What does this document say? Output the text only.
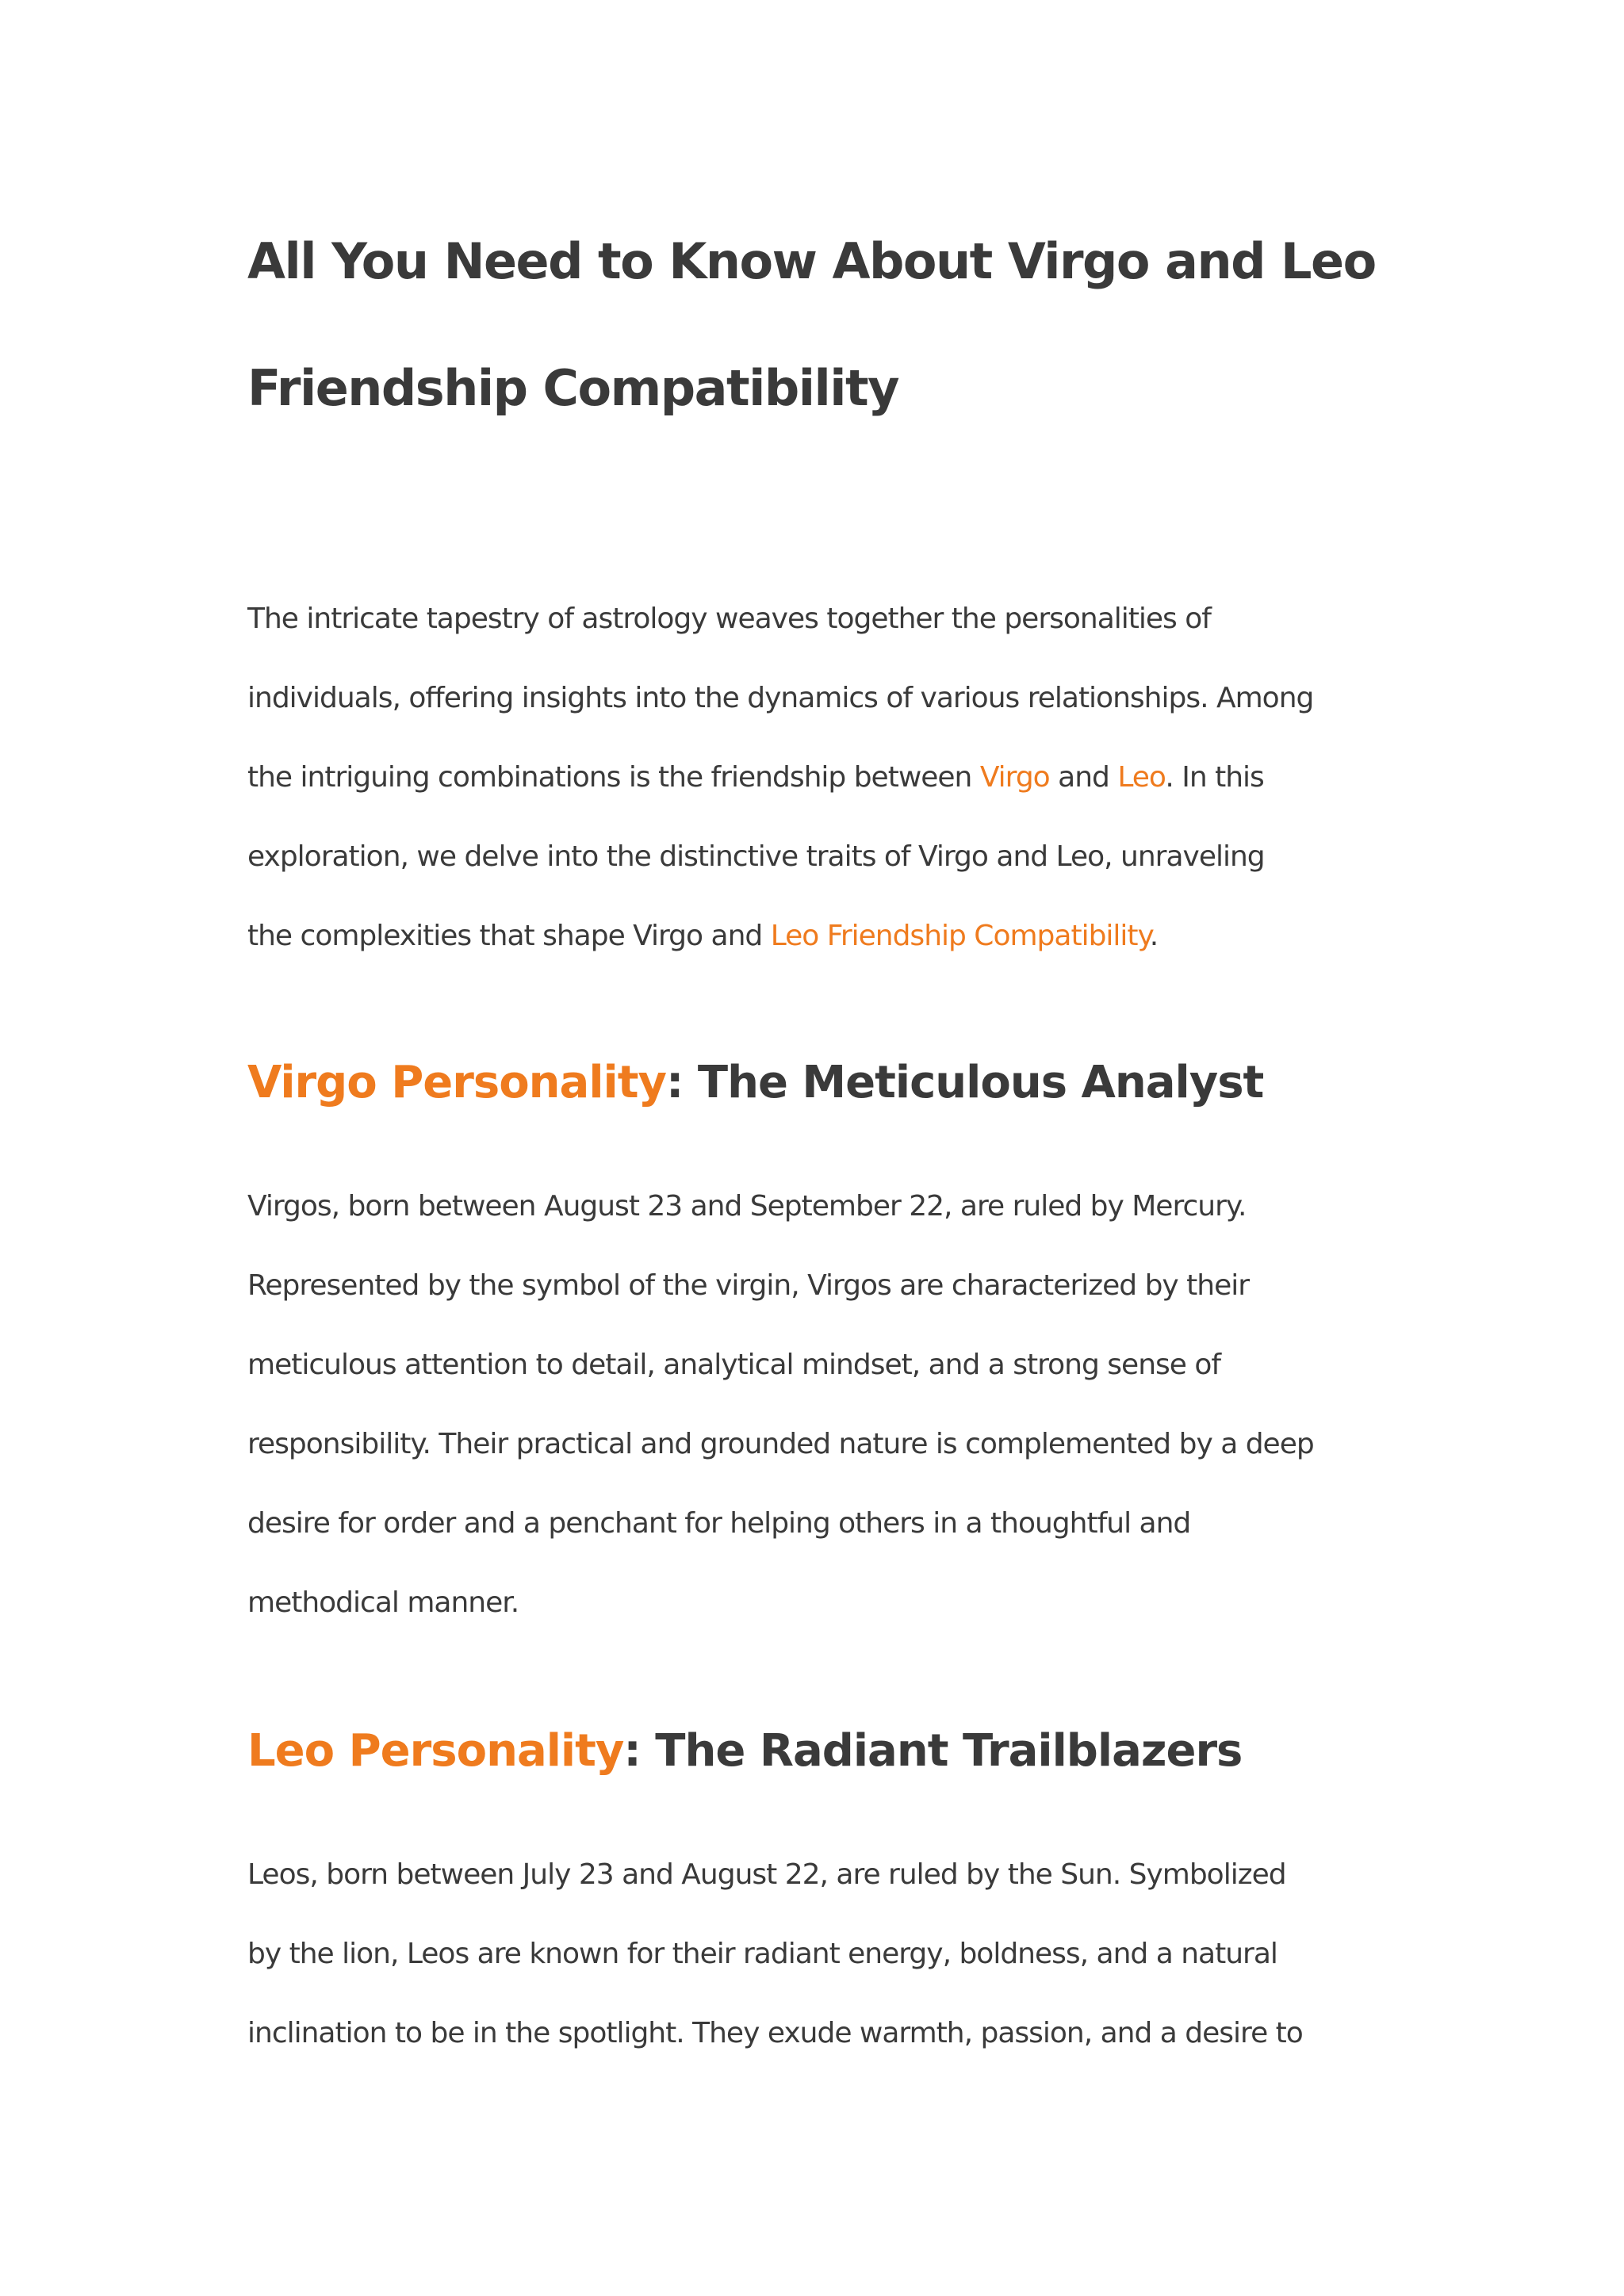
All You Need to Know About Virgo and Leo
Friendship Compatibility
The intricate tapestry of astrology weaves together the personalities of
individuals, offering insights into the dynamics of various relationships. Among
the intriguing combinations is the friendship between Virgo and Leo. In this
exploration, we delve into the distinctive traits of Virgo and Leo, unraveling
the complexities that shape Virgo and Leo Friendship Compatibility.
Virgo Personality: The Meticulous Analyst
Virgos, born between August 23 and September 22, are ruled by Mercury.
Represented by the symbol of the virgin, Virgos are characterized by their
meticulous attention to detail, analytical mindset, and a strong sense of
responsibility. Their practical and grounded nature is complemented by a deep
desire for order and a penchant for helping others in a thoughtful and
methodical manner.
Leo Personality: The Radiant Trailblazers
Leos, born between July 23 and August 22, are ruled by the Sun. Symbolized
by the lion, Leos are known for their radiant energy, boldness, and a natural
inclination to be in the spotlight. They exude warmth, passion, and a desire to
